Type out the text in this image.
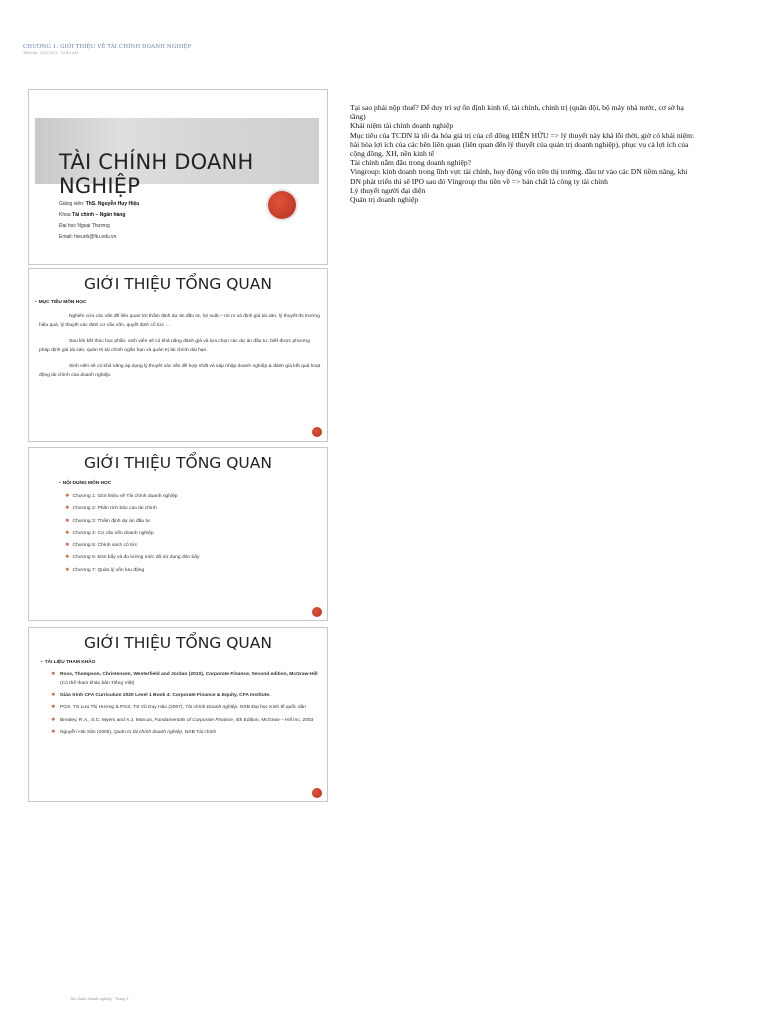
CHƯƠNG 1. GIỚI THIỆU VỀ TÀI CHÍNH DOANH NGHIỆP
Thứ Hai, 2/15/2021 · 10:40 AM
TÀI CHÍNH DOANH NGHIỆP
Giảng viên: ThS. Nguyễn Huy Hiệu
Khoa Tài chính – Ngân hàng
Đại học Ngoại Thương
Email: hieunh@ftu.edu.vn
GIỚI THIỆU TỔNG QUAN
• MỤC TIÊU MÔN HỌC

Nghiên cứu các vấn đề liên quan tới thẩm định dự án đầu tư, lợi suất – rủi ro và định giá tài sản, lý thuyết thị trường hiệu quả, lý thuyết xác định cơ cấu vốn, quyết định cổ tức …

Sau khi kết thúc học phần, sinh viên sẽ có khả năng đánh giá và lựa chọn các dự án đầu tư, biết được phương pháp định giá tài sản, quản trị tài chính ngắn hạn và quản trị tài chính dài hạn.

Sinh viên sẽ có khả năng áp dụng lý thuyết xác vấn đề hợp nhất và sáp nhập doanh nghiệp & đánh giá kết quả hoạt động tài chính của doanh nghiệp.

GIỚI THIỆU TỔNG QUAN
• NỘI DUNG MÔN HỌC
❖ Chương 1: Giới thiệu về Tài chính doanh nghiệp
❖ Chương 2: Phân tích báo cáo tài chính
❖ Chương 3: Thẩm định dự án đầu tư
❖ Chương 4: Cơ cấu vốn doanh nghiệp
❖ Chương 5: Chính sách cổ tức
❖ Chương 6: Đòn bẩy và đo lường mức độ sử dụng đòn bẩy
❖ Chương 7: Quản lý vốn lưu động
GIỚI THIỆU TỔNG QUAN
• TÀI LIỆU THAM KHẢO
❖ Ross, Thompson, Christensen, Westerfield and Jordan (2010), Corporate Finance, Second edition, McGraw-Hill (Có thể tham khảo bản Tiếng Việt)
❖ Giáo trình CFA Curriculum 2020 Level 1 Book 4: Corporate Finance & Equity, CFA Institute.
❖ PGS. TS Lưu Thị Hương & PGS. TS Vũ Duy Hào (2007), Tài chính Doanh nghiệp, NXB Đại học Kinh tế quốc dân
❖ Brealey, R.A., S.C. Myers and A.J. Marcus, Fundamentals of Corporate Finance, 4th Edition, McGraw – Hill Inc, 2003
❖ Nguyễn Hải Sản (2005), Quản trị tài chính doanh nghiệp, NXB Tài chính
Tại sao phải nộp thuế? Để duy trì sự ổn định kinh tế, tài chính, chính trị (quân đội, bộ máy nhà nước, cơ sở hạ tầng)
Khái niệm tài chính doanh nghiệp
Mục tiêu của TCDN là tối đa hóa giá trị của cổ đông HIỆN HỮU => lý thuyết này khá lỗi thời, giờ có khái niệm: hài hòa lợi ích của các bên liên quan (liên quan đến lý thuyết của quản trị doanh nghiệp), phục vụ cả lợi ích của cộng đồng, XH, nền kinh tế
Tài chính nằm đâu trong doanh nghiệp?
Vingroup: kinh doanh trong lĩnh vực tài chính, huy động vốn trên thị trường, đầu tư vào các DN tiềm năng, khi DN phát triển thì sẽ IPO sau đó Vingroup thu tiền về => bản chất là công ty tài chính
Lý thuyết người đại diện
Quản trị doanh nghiệp
Tài chính doanh nghiệp · Trang 1
